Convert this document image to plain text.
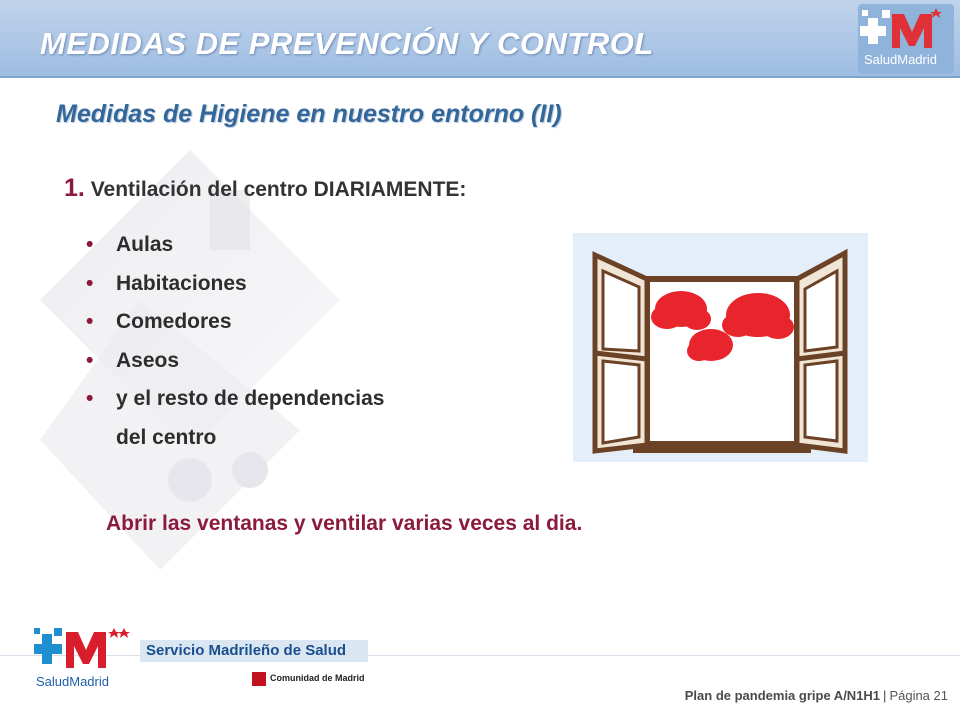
MEDIDAS DE PREVENCIÓN Y CONTROL	SaludMadrid
Medidas de Higiene en nuestro entorno (II)
1. Ventilación del centro DIARIAMENTE:
• Aulas
• Habitaciones
• Comedores
• Aseos
• y el resto de dependencias
del centro
Abrir las ventanas y ventilar varias veces al dia.
SaludMadrid
Servicio Madrileño de Salud
Comunidad de Madrid
Plan de pandemia gripe A/N1H1 | Página 21
